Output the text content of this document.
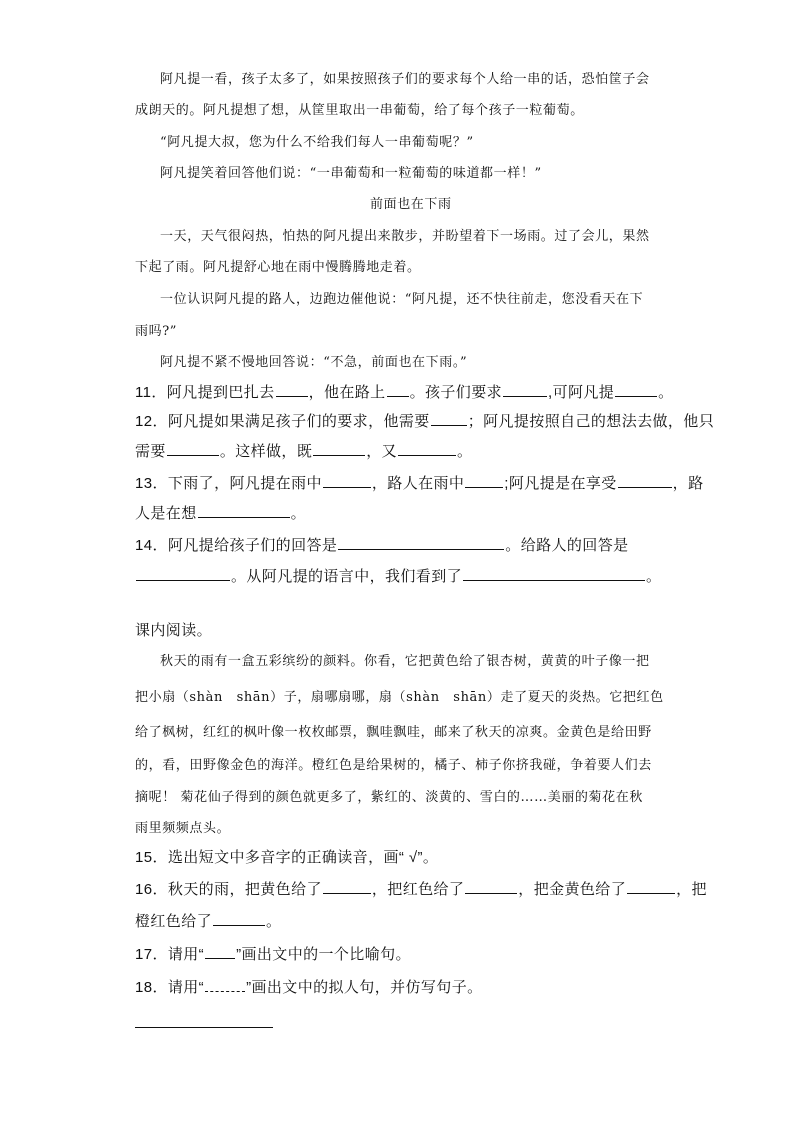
阿凡提一看，孩子太多了，如果按照孩子们的要求每个人给一串的话，恐怕筐子会
成朗天的。阿凡提想了想，从筐里取出一串葡萄，给了每个孩子一粒葡萄。
“阿凡提大叔，您为什么不给我们每人一串葡萄呢？”
阿凡提笑着回答他们说：“一串葡萄和一粒葡萄的味道都一样！”
前面也在下雨
一天，天气很闷热，怕热的阿凡提出来散步，并盼望着下一场雨。过了会儿，果然
下起了雨。阿凡提舒心地在雨中慢腾腾地走着。
一位认识阿凡提的路人，边跑边催他说：“阿凡提，还不快往前走，您没看天在下
雨吗?”
阿凡提不紧不慢地回答说：“不急，前面也在下雨。”
11．阿凡提到巴扎去 ，他在路上 。孩子们要求	,可阿凡提	。
12．阿凡提如果满足孩子们的要求，他需要	；阿凡提按照自己的想法去做，他只
需要	。这样做，既	，又	。
13．下雨了，阿凡提在雨中	，路人在雨中	;阿凡提是在享受	，路
人是在想	。
14．阿凡提给孩子们的回答是	。给路人的回答是
。从阿凡提的语言中，我们看到了	。
课内阅读。
秋天的雨有一盒五彩缤纷的颜料。你看，它把黄色给了银杏树，黄黄的叶子像一把
把小扇（shàn　shān）子，扇哪扇哪，扇（shàn　shān）走了夏天的炎热。它把红色
给了枫树，红红的枫叶像一枚枚邮票，飘哇飘哇，邮来了秋天的凉爽。金黄色是给田野
的，看，田野像金色的海洋。橙红色是给果树的，橘子、柿子你挤我碰，争着要人们去
摘呢！ 菊花仙子得到的颜色就更多了，紫红的、淡黄的、雪白的……美丽的菊花在秋
雨里频频点头。
15．选出短文中多音字的正确读音，画“ √”。
16．秋天的雨，把黄色给了	，把红色给了	，把金黄色给了	，把
橙红色给了	。
17．请用“ ”画出文中的一个比喻句。
18．请用“	”画出文中的拟人句，并仿写句子。
